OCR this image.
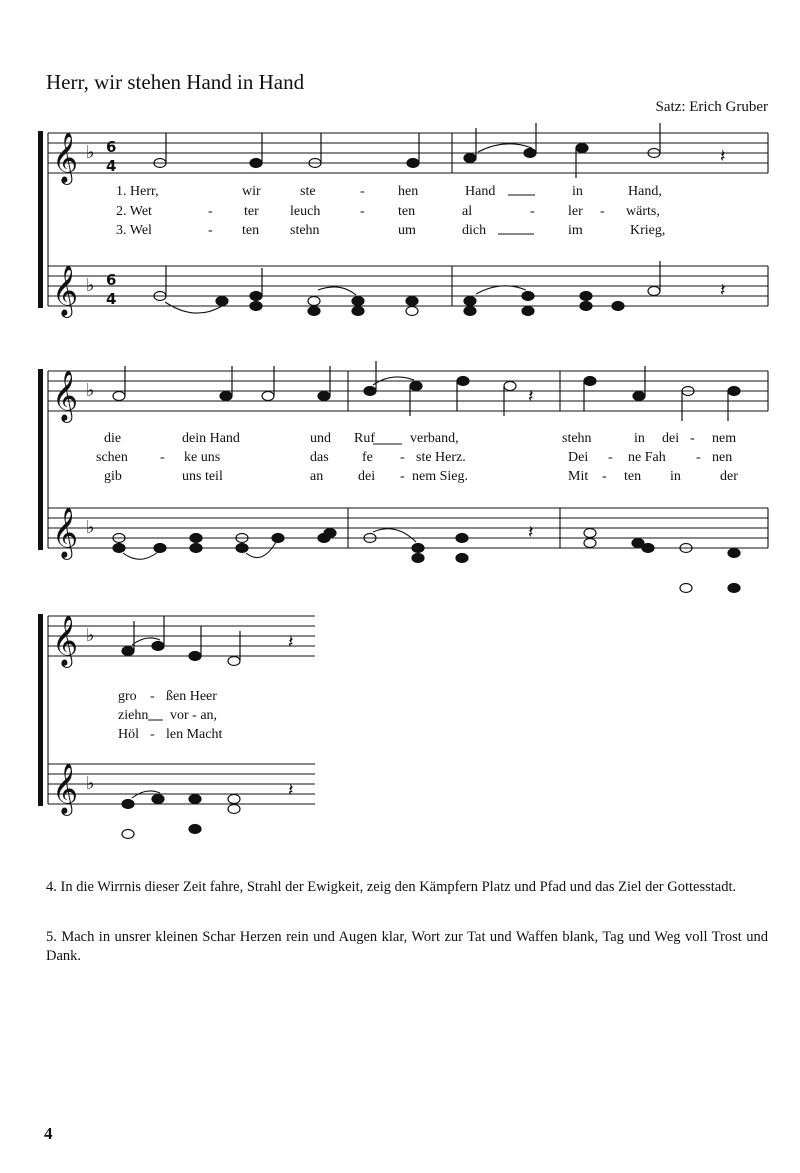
Herr, wir stehen Hand in Hand
Satz: Erich Gruber
𝄞
𝄞
𝄞
𝄞
𝄞
𝄞
♭
♭
♭
♭
♭
♭
6
4
6
4
𝄽
𝄽
𝄽
𝄽
𝄽
𝄽
1. Herr,	wir	ste	- hen	Hand	in	Hand,
2. Wet	- ter leuch	- ten	al	- ler - wärts,
3. Wel	- ten stehn	um	dich	im	Krieg,
die	dein Hand	und Ruf	verband,	stehn	in dei - nem
schen - ke uns	das fe - ste Herz.	Dei - ne Fah - nen
gib	uns teil	an dei - nem Sieg.	Mit - ten in	der
gro - ßen Heer
ziehn vor - an,
Höl - len Macht
4. In die Wirrnis dieser Zeit fahre, Strahl der Ewigkeit, zeig den Kämpfern Platz und Pfad und das Ziel der Gottesstadt.
5. Mach in unsrer kleinen Schar Herzen rein und Augen klar, Wort zur Tat und Waffen blank, Tag und Weg voll Trost und Dank.
4
